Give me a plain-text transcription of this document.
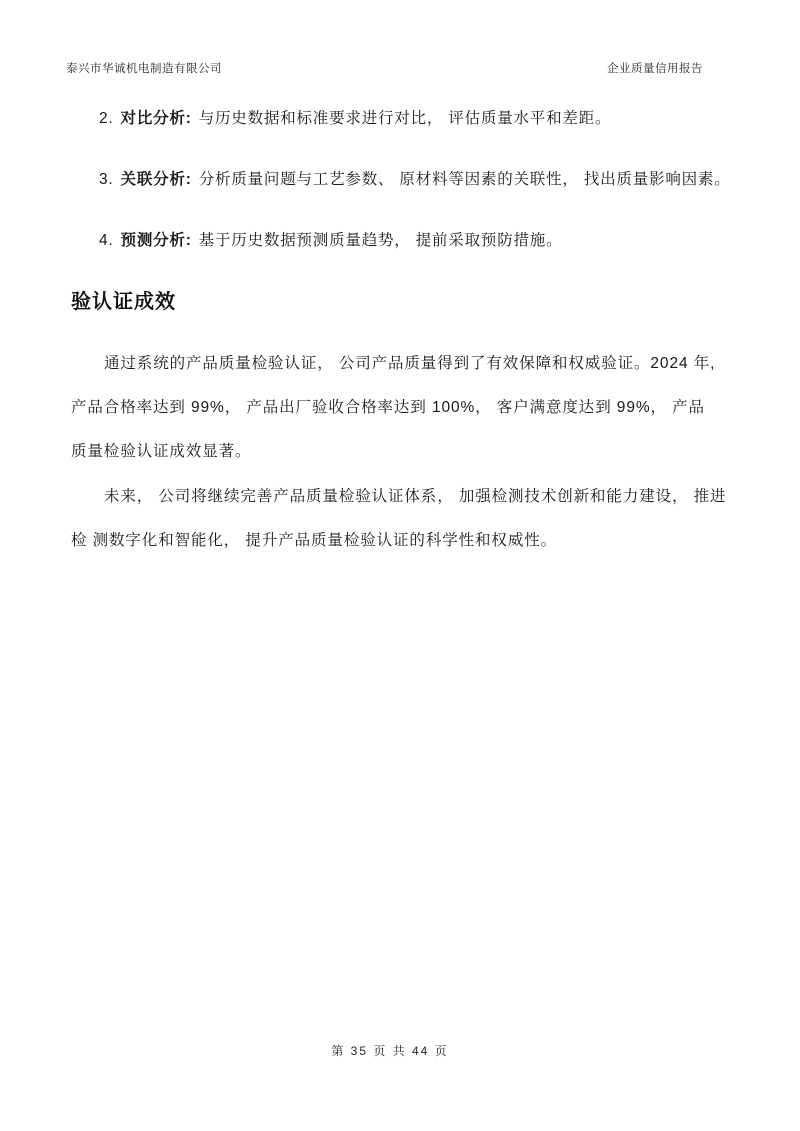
泰兴市华诚机电制造有限公司	企业质量信用报告
2. 对比分析: 与历史数据和标准要求进行对比， 评估质量水平和差距。
3. 关联分析: 分析质量问题与工艺参数、 原材料等因素的关联性， 找出质量影响因素。
4. 预测分析: 基于历史数据预测质量趋势， 提前采取预防措施。
验认证成效
通过系统的产品质量检验认证， 公司产品质量得到了有效保障和权威验证。2024 年,
产品合格率达到 99%， 产品出厂验收合格率达到 100%， 客户满意度达到 99%， 产品
质量检验认证成效显著。
未来， 公司将继续完善产品质量检验认证体系， 加强检测技术创新和能力建设， 推进
检 测数字化和智能化， 提升产品质量检验认证的科学性和权威性。
第 35 页 共 44 页
